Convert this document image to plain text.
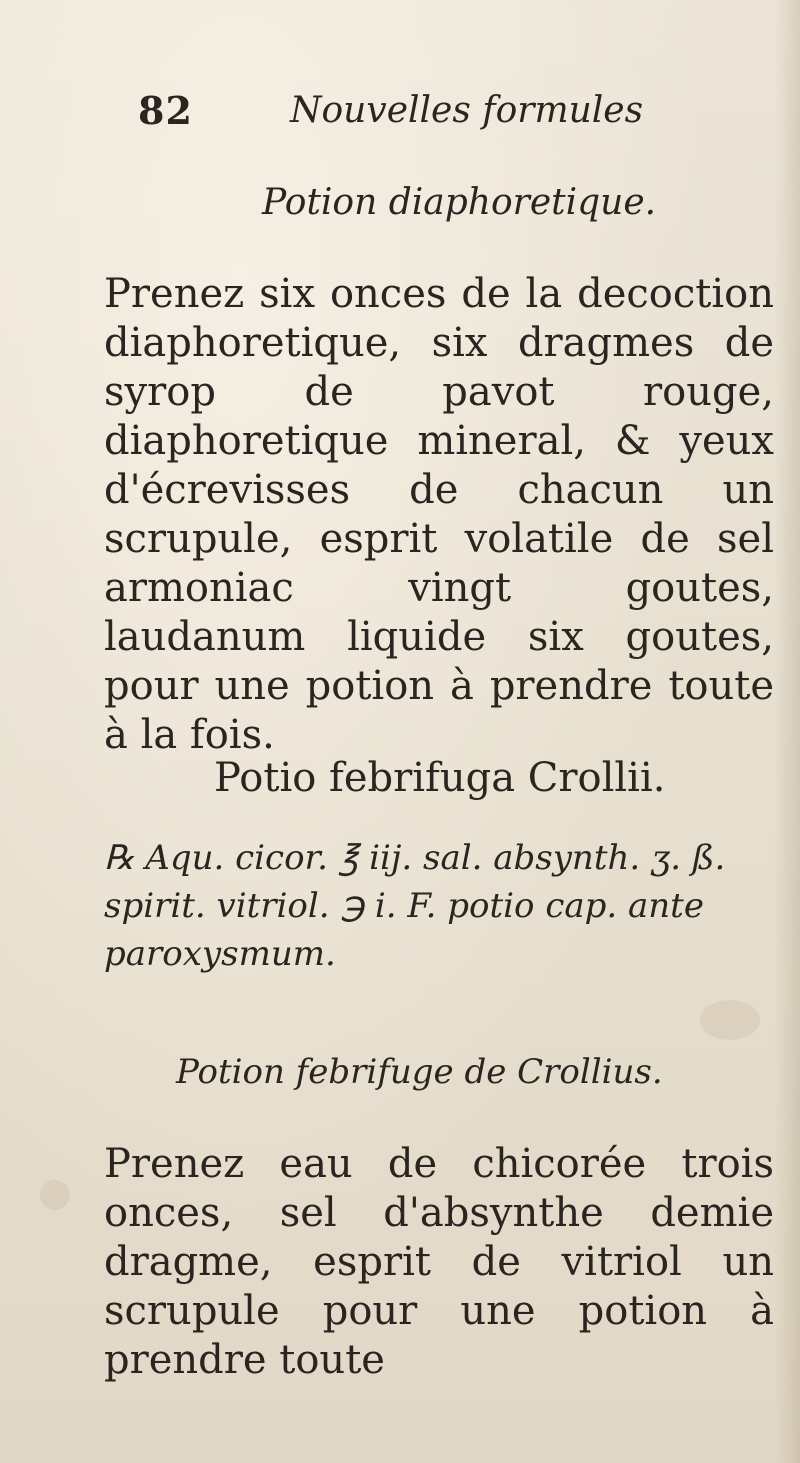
82	Nouvelles formules
Potion diaphoretique.
Prenez six onces de la decoction diaphoretique, six dragmes de syrop de pavot rouge, diaphoretique mineral, & yeux d'écrevisses de chacun un scrupule, esprit volatile de sel armoniac vingt goutes, laudanum liquide six goutes, pour une potion à prendre toute à la fois.
Potio febrifuga Crollii.
℞ Aqu. cicor. ℥ iij. sal. absynth. ʒ. ß. spirit. vitriol. ℈ i. F. potio cap. ante paroxysmum.
Potion febrifuge de Crollius.
Prenez eau de chicorée trois onces, sel d'absynthe demie dragme, esprit de vitriol un scrupule pour une potion à prendre toute
